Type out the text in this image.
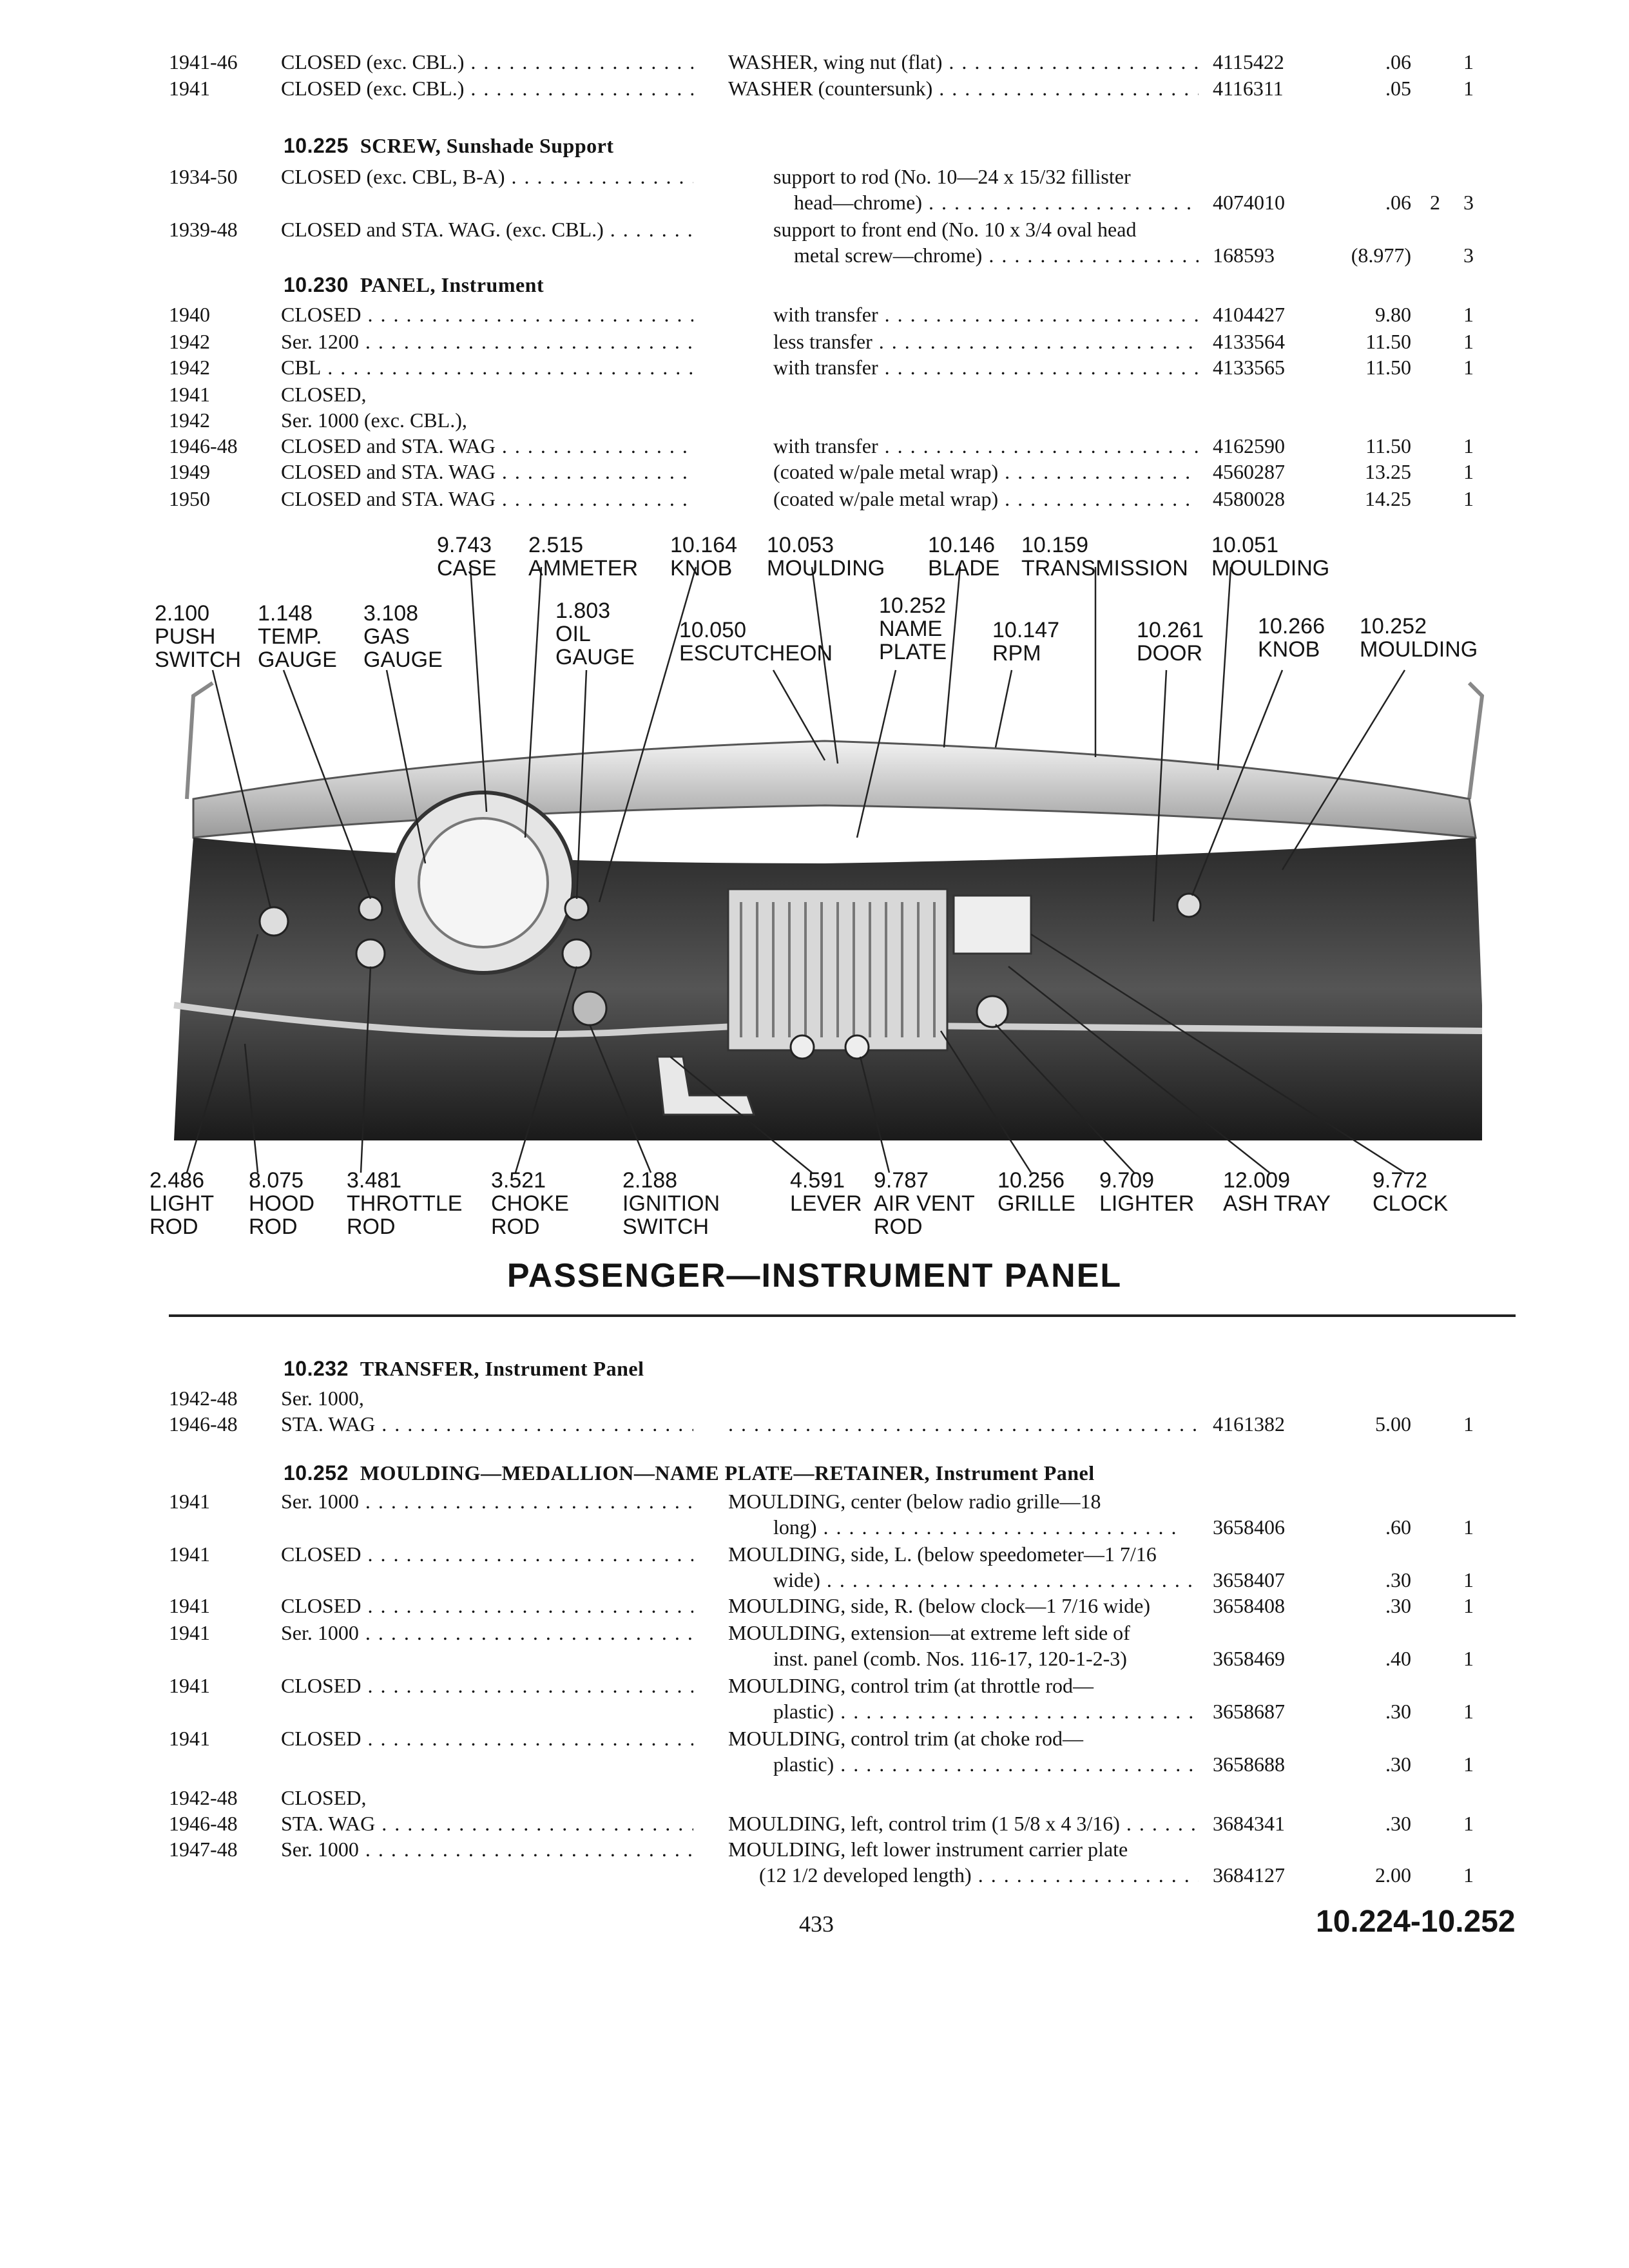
1941-46 CLOSED (exc. CBL.) . . .	WASHER, wing nut (flat) . . .	4115422	.06	1
1941	CLOSED (exc. CBL.) . . .	WASHER (countersunk) . . .	4116311	.05	1
10.225 SCREW, Sunshade Support
1934-50 CLOSED (exc. CBL, B-A) . . .	support to rod (No. 10—24 x 15/32 fillister
head—chrome) . . .	4074010	.06 2 3
1939-48 CLOSED and STA. WAG. (exc. CBL.) . . .	support to front end (No. 10 x 3/4 oval head
metal screw—chrome) . . .	168593	(8.977)	3
10.230 PANEL, Instrument
1940	CLOSED . . .	with transfer . . .	4104427	9.80	1
1942	Ser. 1200 . . .	less transfer . . .	4133564	11.50	1
1942	CBL . . .	with transfer . . .	4133565	11.50	1
1941	CLOSED,
1942	Ser. 1000 (exc. CBL.),
1946-48 CLOSED and STA. WAG . . .	with transfer . . .	4162590	11.50	1
1949	CLOSED and STA. WAG . . .	(coated w/pale metal wrap) . . .	4560287	13.25	1
1950	CLOSED and STA. WAG . . .	(coated w/pale metal wrap) . . .	4580028	14.25	1
9.743
CASE
2.515
AMMETER
10.164
KNOB
10.053
MOULDING
10.146
BLADE
10.159
TRANSMISSION
10.051
MOULDING
2.100
PUSH
SWITCH
1.148
TEMP.
GAUGE
3.108
GAS
GAUGE
1.803
OIL
GAUGE
10.050
ESCUTCHEON
10.252
NAME
PLATE
10.147
RPM
10.261
DOOR
10.266
KNOB
10.252
MOULDING
2.486
LIGHT
ROD
8.075
HOOD
ROD
3.481
THROTTLE
ROD
3.521
CHOKE
ROD
2.188
IGNITION
SWITCH
4.591
LEVER
9.787
AIR VENT
ROD
10.256
GRILLE
9.709
LIGHTER
12.009
ASH TRAY
9.772
CLOCK
PASSENGER—INSTRUMENT PANEL
10.232 TRANSFER, Instrument Panel
1942-48 Ser. 1000,
1946-48 STA. WAG . . .
. . .	4161382	5.00	1
10.252 MOULDING—MEDALLION—NAME PLATE—RETAINER, Instrument Panel
1941	Ser. 1000 . . .	MOULDING, center (below radio grille—18
long) . . .	3658406	.60	1
1941	CLOSED . . .	MOULDING, side, L. (below speedometer—1 7/16
wide) . . .	3658407	.30	1
1941	CLOSED . . .	MOULDING, side, R. (below clock—1 7/16 wide)	3658408	.30	1
1941	Ser. 1000 . . .	MOULDING, extension—at extreme left side of
inst. panel (comb. Nos. 116-17, 120-1-2-3)	3658469	.40	1
1941	CLOSED . . .	MOULDING, control trim (at throttle rod—
plastic) . . .	3658687	.30	1
1941	CLOSED . . .	MOULDING, control trim (at choke rod—
plastic) . . .	3658688	.30	1
1942-48 CLOSED,
1946-48 STA. WAG . . .	MOULDING, left, control trim (1 5/8 x 4 3/16) . . .	3684341	.30	1
1947-48 Ser. 1000 . . .	MOULDING, left lower instrument carrier plate
(12 1/2 developed length) . . .	3684127	2.00	1
433	10.224-10.252
